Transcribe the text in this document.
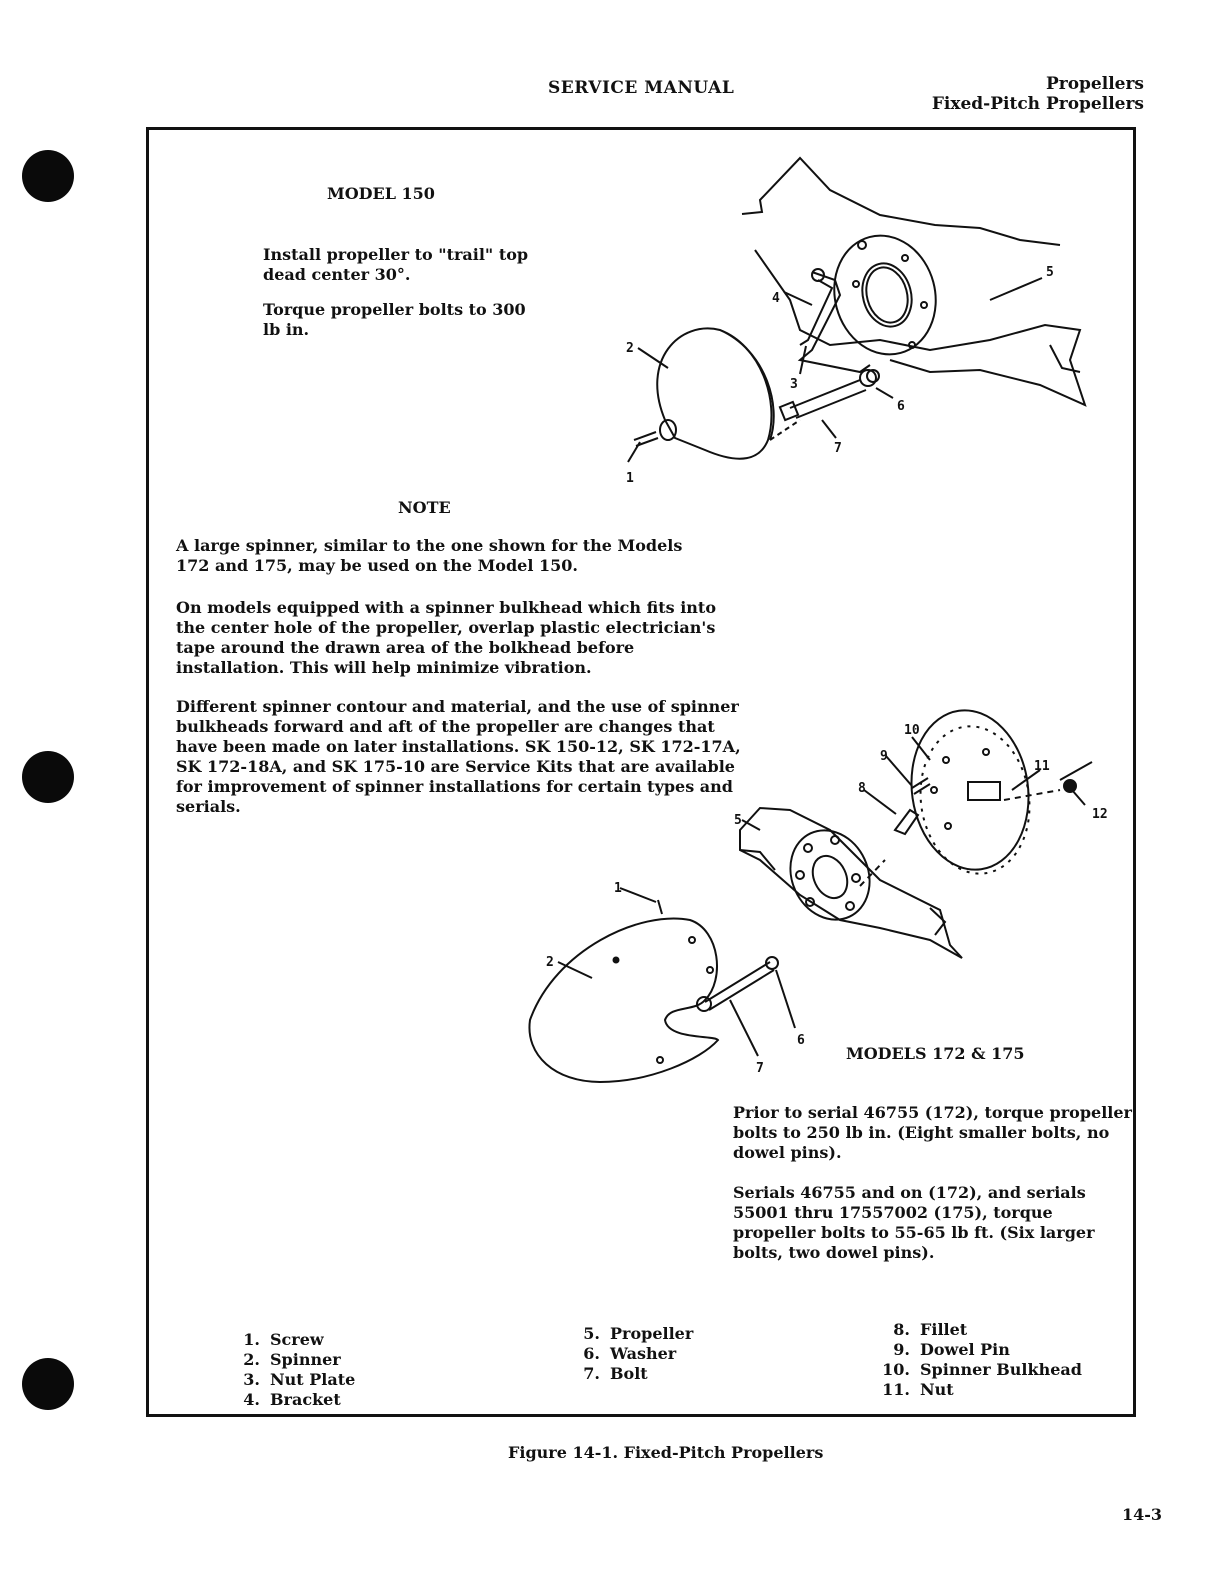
SERVICE MANUAL	Propellers
Fixed-Pitch Propellers
2
1
4
3
5
6
7
10
9
8
11
12
5
1
2
6
7
MODEL 150
Install propeller to "trail" top dead center 30°.
Torque propeller bolts to 300 lb in.
NOTE
A large spinner, similar to the one shown for the Models 172 and 175, may be used on the Model 150.
On models equipped with a spinner bulkhead which fits into the center hole of the propeller, overlap plastic electrician's tape around the drawn area of the bolkhead before installation. This will help minimize vibration.
Different spinner contour and material, and the use of spinner bulkheads forward and aft of the propeller are changes that have been made on later installations. SK 150-12, SK 172-17A, SK 172-18A, and SK 175-10 are Service Kits that are available for improvement of spinner installations for certain types and serials.
MODELS 172 & 175
Prior to serial 46755 (172), torque propeller bolts to 250 lb in. (Eight smaller bolts, no dowel pins).
Serials 46755 and on (172), and serials 55001 thru 17557002 (175), torque propeller bolts to 55-65 lb ft. (Six larger bolts, two dowel pins).
1. Screw
2. Spinner
3. Nut Plate
4. Bracket
5. Propeller
6. Washer
7. Bolt
8. Fillet
9. Dowel Pin
10. Spinner Bulkhead
11. Nut
Figure 14-1. Fixed-Pitch Propellers
14-3
